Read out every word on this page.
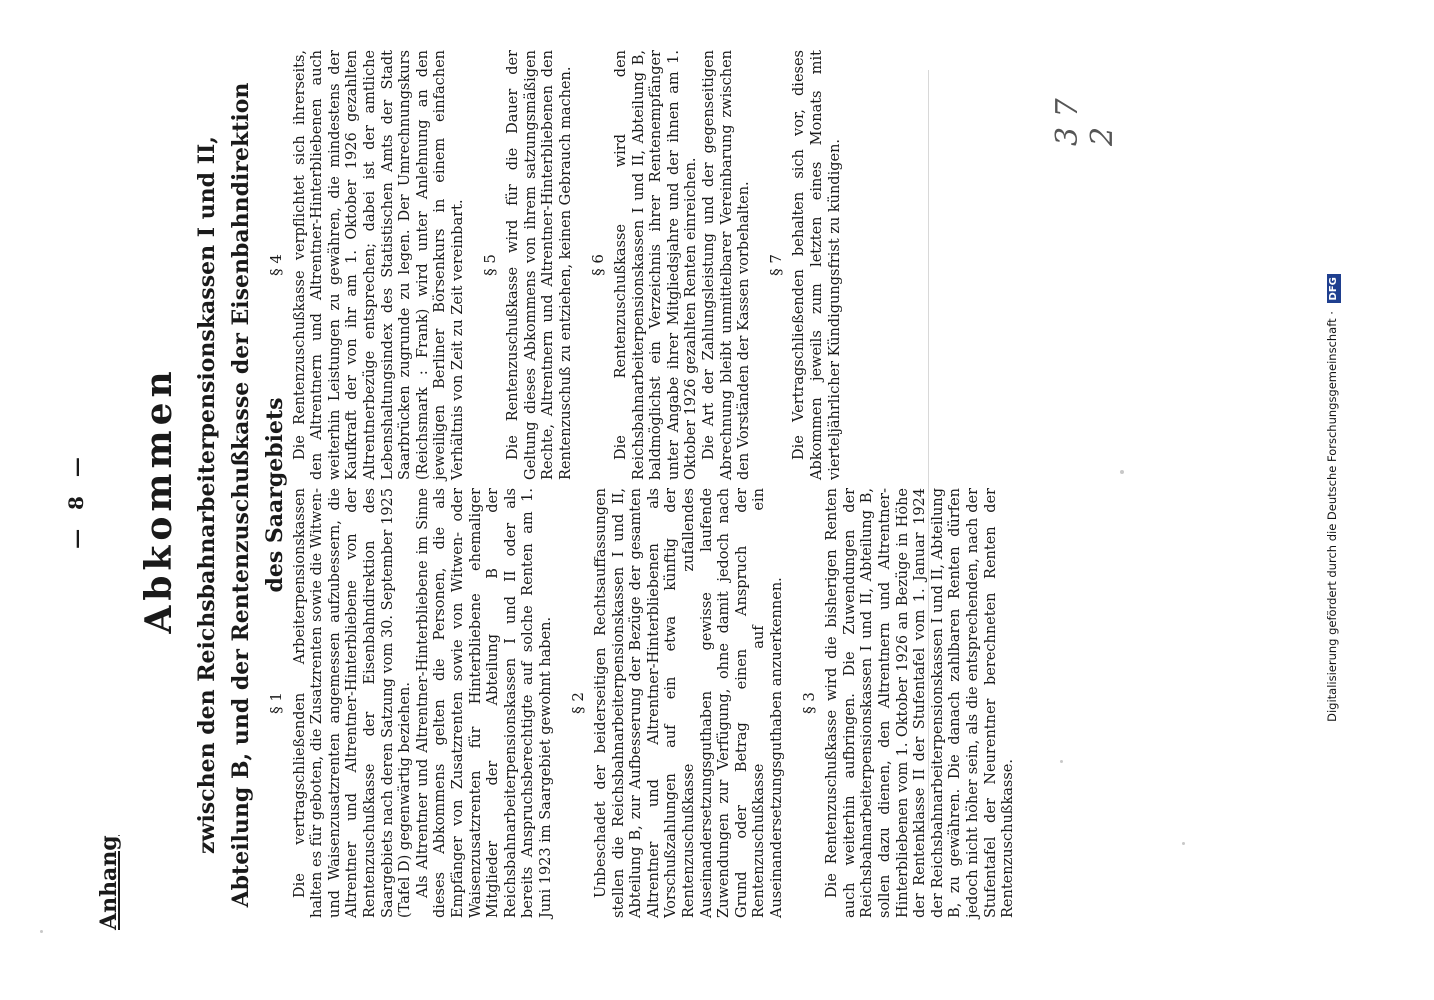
— 8 —
Anhang
Abkommen zwischen den Reichsbahnarbeiterpensionskassen I und II, Abteilung B, und der Rentenzuschußkasse der Eisenbahndirektion des Saargebiets
§ 1 Die vertragschließenden Arbeiterpensionskassen halten es für geboten, die Zusatzrenten sowie die Witwen- und Waisenzusatzrenten angemessen aufzubessern, die Altrentner und Altrentner-Hinterbliebene von der Rentenzuschußkasse der Eisenbahndirektion des Saargebiets nach deren Satzung vom 30. September 1925 (Tafel D) gegenwärtig beziehen. Als Altrentner und Altrentner-Hinterbliebene im Sinne dieses Abkommens gelten die Personen, die als Empfänger von Zusatzrenten sowie von Witwen- oder Waisenzusatzrenten für Hinterbliebene ehemaliger Mitglieder der Abteilung B der Reichsbahnarbeiterpensionskassen I und II oder als bereits Anspruchsberechtigte auf solche Renten am 1. Juni 1923 im Saargebiet gewohnt haben. § 2 Unbeschadet der beiderseitigen Rechtsauffassungen stellen die Reichsbahnarbeiterpensionskassen I und II, Abteilung B, zur Aufbesserung der Bezüge der gesamten Altrentner und Altrentner-Hinterbliebenen als Vorschußzahlungen auf ein etwa künftig der Rentenzuschußkasse zufallendes Auseinandersetzungsguthaben gewisse laufende Zuwendungen zur Verfügung, ohne damit jedoch nach Grund oder Betrag einen Anspruch der Rentenzuschußkasse auf ein Auseinandersetzungsguthaben anzuerkennen. § 3 Die Rentenzuschußkasse wird die bisherigen Renten auch weiterhin aufbringen. Die Zuwendungen der Reichsbahnarbeiterpensionskassen I und II, Abteilung B, sollen dazu dienen, den Altrentnern und Altrentner-Hinterbliebenen vom 1. Oktober 1926 an Bezüge in Höhe der Rentenklasse II der Stufentafel vom 1. Januar 1924 der Reichsbahnarbeiterpensionskassen I und II, Abteilung B, zu gewähren. Die danach zahlbaren Renten dürfen jedoch nicht höher sein, als die entsprechenden, nach der Stufentafel der Neurentner berechneten Renten der Rentenzuschußkasse.

§ 4 Die Rentenzuschußkasse verpflichtet sich ihrerseits, den Altrentnern und Altrentner-Hinterbliebenen auch weiterhin Leistungen zu gewähren, die mindestens der Kaufkraft der von ihr am 1. Oktober 1926 gezahlten Altrentnerbezüge entsprechen; dabei ist der amtliche Lebenshaltungsindex des Statistischen Amts der Stadt Saarbrücken zugrunde zu legen. Der Umrechnungskurs (Reichsmark : Frank) wird unter Anlehnung an den jeweiligen Berliner Börsenkurs in einem einfachen Verhältnis von Zeit zu Zeit vereinbart. § 5 Die Rentenzuschußkasse wird für die Dauer der Geltung dieses Abkommens von ihrem satzungsmäßigen Rechte, Altrentnern und Altrentner-Hinterbliebenen den Rentenzuschuß zu entziehen, keinen Gebrauch machen. § 6 Die Rentenzuschußkasse wird den Reichsbahnarbeiterpensionskassen I und II, Abteilung B, baldmöglichst ein Verzeichnis ihrer Rentenempfänger unter Angabe ihrer Mitgliedsjahre und der ihnen am 1. Oktober 1926 gezahlten Renten einreichen. Die Art der Zahlungsleistung und der gegenseitigen Abrechnung bleibt unmittelbarer Vereinbarung zwischen den Vorständen der Kassen vorbehalten. § 7 Die Vertragschließenden behalten sich vor, dieses Abkommen jeweils zum letzten eines Monats mit vierteljährlicher Kündigungsfrist zu kündigen.

3 7 2
Digitalisierung gefördert durch die Deutsche Forschungsgemeinschaft · DFG
